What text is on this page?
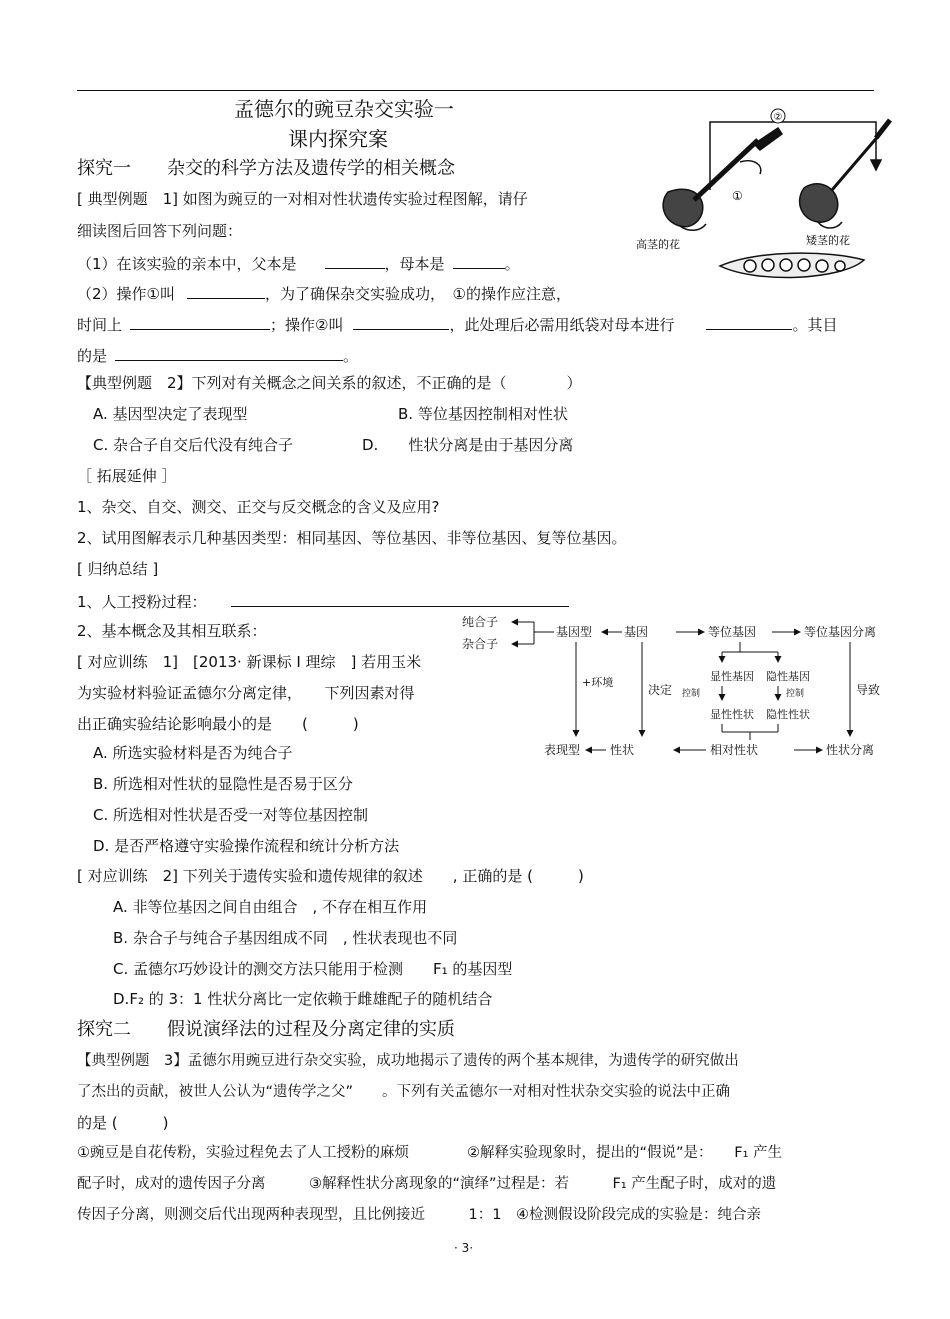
孟德尔的豌豆杂交实验一
课内探究案
探究一　　杂交的科学方法及遗传学的相关概念
[ 典型例题　1] 如图为豌豆的一对相对性状遗传实验过程图解，请仔
细读图后回答下列问题：
（1）在该实验的亲本中，父本是	，母本是	。
（2）操作①叫	，为了确保杂交实验成功，　①的操作应注意，
时间上	；操作②叫	，此处理后必需用纸袋对母本进行	。其目
的是	。
②
①
高茎的花	矮茎的花
【典型例题　2】下列对有关概念之间关系的叙述，不正确的是（　　　　）
A. 基因型决定了表现型	B. 等位基因控制相对性状
C. 杂合子自交后代没有纯合子	D.　　性状分离是由于基因分离
［ 拓展延伸 ］
1、杂交、自交、测交、正交与反交概念的含义及应用?
2、试用图解表示几种基因类型：相同基因、等位基因、非等位基因、复等位基因。
[ 归纳总结 ]
1、人工授粉过程：
2、基本概念及其相互联系：	纯合子
杂合子
基因型	基因	等位基因	等位基因分离
显性基因 隐性基因
显性性状 隐性性状
控制	控制
+环境
决定	导致
表现型 性状	相对性状	性状分离
[ 对应训练　1]　[2013· 新课标 I 理综　] 若用玉米
为实验材料验证孟德尔分离定律，　　下列因素对得
出正确实验结论影响最小的是　　(　　　)
A. 所选实验材料是否为纯合子
B. 所选相对性状的显隐性是否易于区分
C. 所选相对性状是否受一对等位基因控制
D. 是否严格遵守实验操作流程和统计分析方法
[ 对应训练　2] 下列关于遗传实验和遗传规律的叙述　　, 正确的是 (　　　)
A. 非等位基因之间自由组合　, 不存在相互作用
B. 杂合子与纯合子基因组成不同　, 性状表现也不同
C. 孟德尔巧妙设计的测交方法只能用于检测　　F₁ 的基因型
D.F₂ 的 3：1 性状分离比一定依赖于雌雄配子的随机结合
探究二　　假说演绎法的过程及分离定律的实质
【典型例题　3】孟德尔用豌豆进行杂交实验，成功地揭示了遗传的两个基本规律，为遗传学的研究做出
了杰出的贡献，被世人公认为“遗传学之父”　　。下列有关孟德尔一对相对性状杂交实验的说法中正确
的是 (　　　)
①豌豆是自花传粉，实验过程免去了人工授粉的麻烦　　　　②解释实验现象时，提出的“假说”是：　　F₁ 产生
配子时，成对的遗传因子分离　　　③解释性状分离现象的“演绎”过程是：若　　　F₁ 产生配子时，成对的遗
传因子分离，则测交后代出现两种表现型，且比例接近　　　1：1　④检测假设阶段完成的实验是：纯合亲
· 3·
